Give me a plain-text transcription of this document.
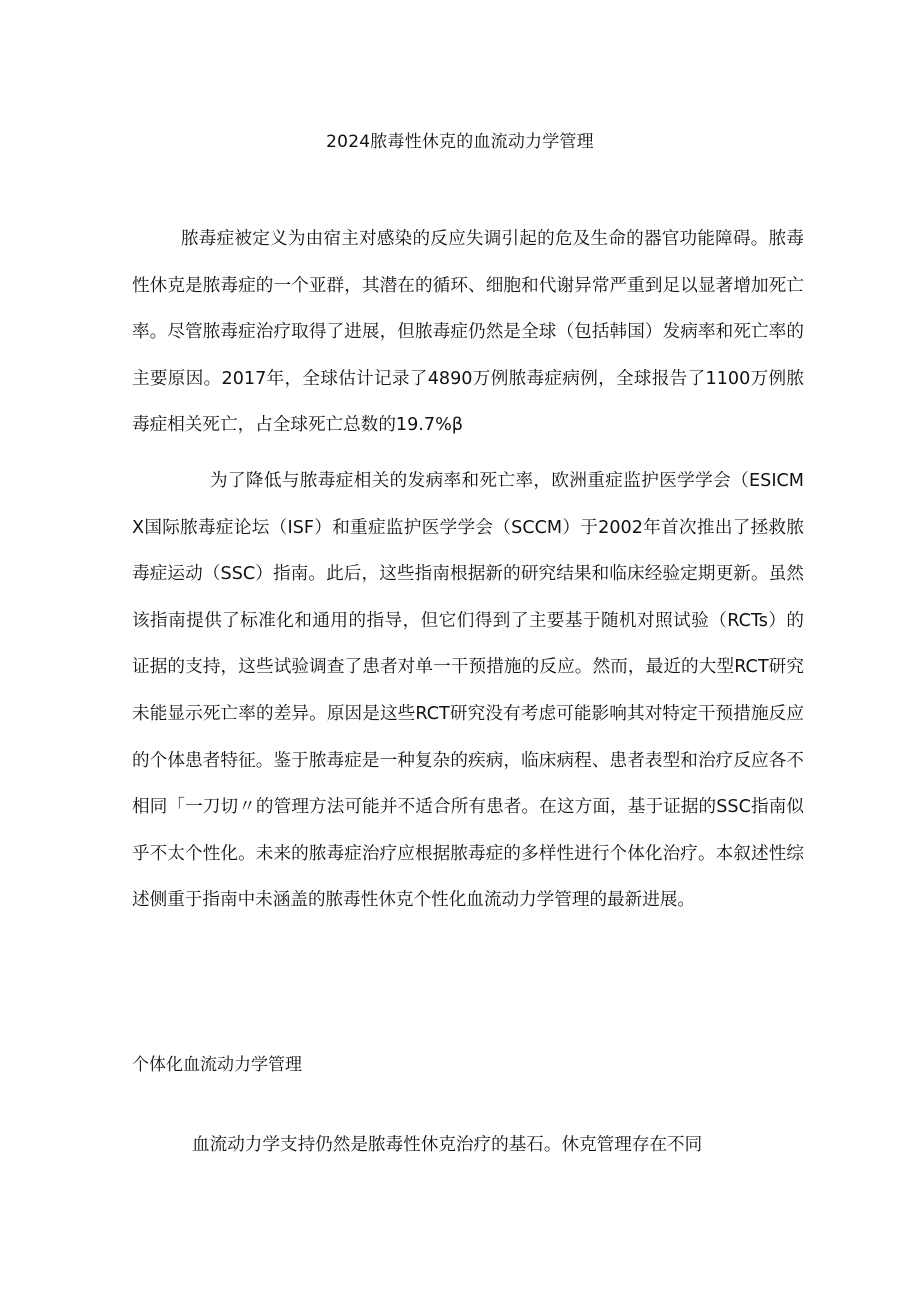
2024脓毒性休克的血流动力学管理
脓毒症被定义为由宿主对感染的反应失调引起的危及生命的器官功能障碍。脓毒性休克是脓毒症的一个亚群，其潜在的循环、细胞和代谢异常严重到足以显著增加死亡率。尽管脓毒症治疗取得了进展，但脓毒症仍然是全球（包括韩国）发病率和死亡率的主要原因。2017年，全球估计记录了4890万例脓毒症病例，全球报告了1100万例脓毒症相关死亡，占全球死亡总数的19.7%β
为了降低与脓毒症相关的发病率和死亡率，欧洲重症监护医学学会（ESICMX国际脓毒症论坛（ISF）和重症监护医学学会（SCCM）于2002年首次推出了拯救脓毒症运动（SSC）指南。此后，这些指南根据新的研究结果和临床经验定期更新。虽然该指南提供了标准化和通用的指导，但它们得到了主要基于随机对照试验（RCTs）的证据的支持，这些试验调查了患者对单一干预措施的反应。然而，最近的大型RCT研究未能显示死亡率的差异。原因是这些RCT研究没有考虑可能影响其对特定干预措施反应的个体患者特征。鉴于脓毒症是一种复杂的疾病，临床病程、患者表型和治疗反应各不相同「一刀切〃的管理方法可能并不适合所有患者。在这方面，基于证据的SSC指南似乎不太个性化。未来的脓毒症治疗应根据脓毒症的多样性进行个体化治疗。本叙述性综述侧重于指南中未涵盖的脓毒性休克个性化血流动力学管理的最新进展。
个体化血流动力学管理
血流动力学支持仍然是脓毒性休克治疗的基石。休克管理存在不同
